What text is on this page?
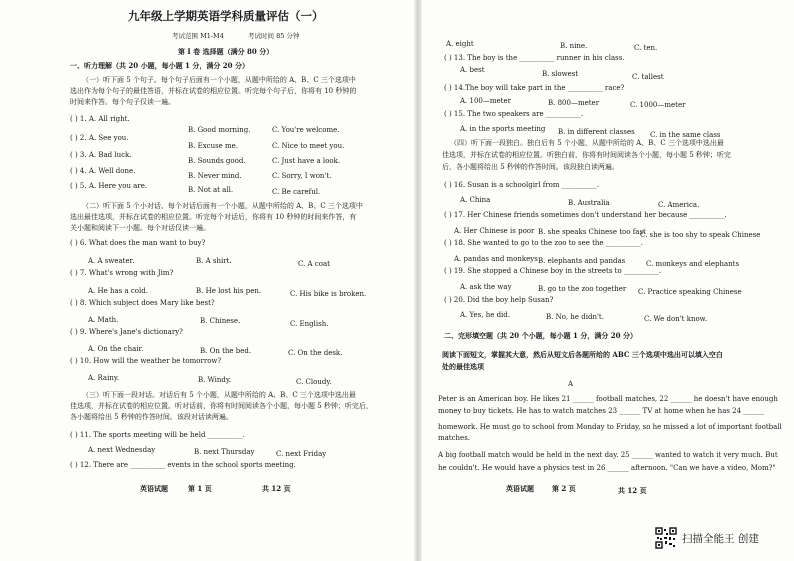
九年级上学期英语学科质量评估（一）
考试范围 M1-M4	考试时间 85 分钟
第 I 卷 选择题（满分 80 分）
一、听力理解（共 20 小题，每小题 1 分，满分 20 分）
（一）听下面 5 个句子。每个句子后面有一个小题，从题中所给的 A、B、C 三个选项中
选出作为每个句子的最佳答语，并标在试卷的相应位置。听完每个句子后，你将有 10 秒钟的
时间来作答。每个句子仅读一遍。
( ) 1. A. All right.
B. Good morning.	C. You're welcome.
( ) 2. A. See you.
B. Excuse me.	C. Nice to meet you.
( ) 3. A. Bad luck.
B. Sounds good.	C. Just have a look.
( ) 4. A. Well done.
B. Never mind.	C. Sorry, I won't.
( ) 5. A. Here you are.	B. Not at all.	C. Be careful.
（二）听下面 5 个小对话。每个对话后面有一个小题，从题中所给的 A、B、C 三个选项中
选出最佳选项，并标在试卷的相应位置。听完每个对话后，你将有 10 秒钟的时间来作答，有
关小题和阅读下一小题。每个对话仅读一遍。
( ) 6. What does the man want to buy?
A. A sweater.	B. A shirt.	C. A coat
( ) 7. What's wrong with Jim?
A. He has a cold.	B. He lost his pen.	C. His bike is broken.
( ) 8. Which subject does Mary like best?
A. Math.	B. Chinese.	C. English.
( ) 9. Where's Jane's dictionary?
A. On the chair.	B. On the bed.	C. On the desk.
( ) 10. How will the weather be tomorrow?
A. Rainy.	B. Windy.	C. Cloudy.
（三）听下面一段对话。对话后有 5 个小题，从题中所给的 A、B、C 三个选项中选出最
佳选项，并标在试卷的相应位置。听对话前，你将有时间阅读各个小题，每小题 5 秒钟；听完后，
各小题将给出 5 秒钟的作答时间。该段对话读两遍。
( ) 11. The sports meeting will be held __________.
A. next Wednesday	B. next Thursday	C. next Friday
( ) 12. There are __________ events in the school sports meeting.
英语试题	第 1 页	共 12 页
A. eight	B. nine.	C. ten.
( ) 13. The boy is the __________ runner in his class.
A. best	B. slowest	C. tallest
( ) 14.The boy will take part in the __________ race?
A. 100—meter	B. 800—meter	C. 1000—meter
( ) 15. The two speakers are __________.
A. in the sports meeting B. in different classes C. in the same class
（四）听下面一段独白。独白后有 5 个小题，从题中所给的 A、B、C 三个选项中选出最
佳选项，并标在试卷的相应位置。听独白前，你将有时间阅读各个小题，每小题 5 秒钟；听完
后，各小题将给出 5 秒钟的作答时间。该段独白读两遍。
( ) 16. Susan is a schoolgirl from __________.
A. China	B. Australia	C. America.
( ) 17. Her Chinese friends sometimes don't understand her because __________.
A. Her Chinese is poor B. she speaks Chinese too fast
C. she is too shy to speak Chinese
( ) 18. She wanted to go to the zoo to see the __________.
A. pandas and monkeys B. elephants and pandas	C. monkeys and elephants
( ) 19. She stopped a Chinese boy in the streets to __________.
A. ask the way	B. go to the zoo together C. Practice speaking Chinese
( ) 20. Did the boy help Susan?
A. Yes, he did.	B. No, he didn't.	C. We don't know.
二、完形填空题（共 20 个小题，每小题 1 分，满分 20 分）
阅读下面短文，掌握其大意，然后从短文后各题所给的 ABC 三个选项中选出可以填入空白
处的最佳选项
A
Peter is an American boy. He likes 21 ______ football matches, 22 ______ he doesn't have enough
money to buy tickets. He has to watch matches 23 ______ TV at home when he has 24 ______
homework. He must go to school from Monday to Friday, so he missed a lot of important football
matches.
A big football match would be held in the next day. 25 ______ wanted to watch it very much. But
he couldn't. He would have a physics test in 26 ______ afternoon. "Can we have a video, Mom?"
英语试题	第 2 页	共 12 页
扫描全能王 创建
